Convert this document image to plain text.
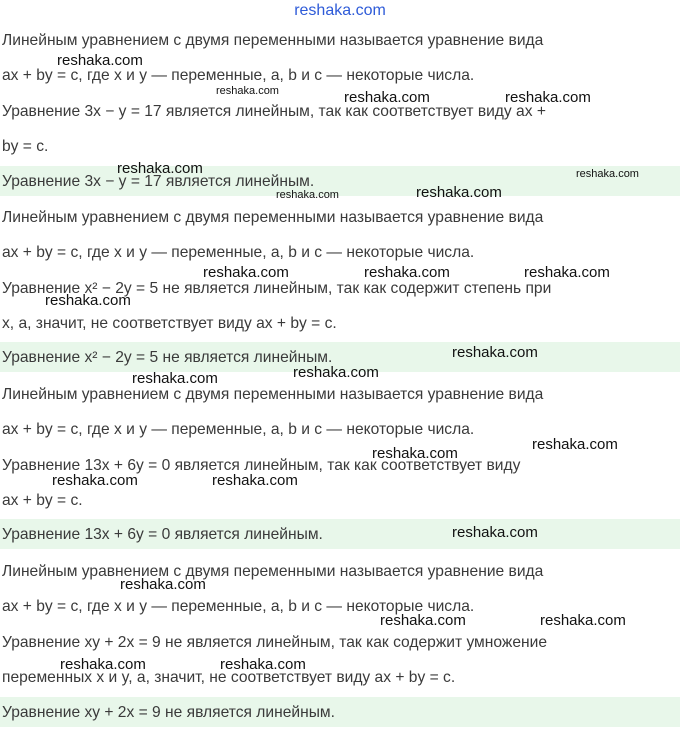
reshaka.com
Линейным уравнением с двумя переменными называется уравнение вида
ax + by = c, где x и y — переменные, a, b и c — некоторые числа.
Уравнение 3x − y = 17 является линейным, так как соответствует виду ax +
by = c.
Уравнение 3x − y = 17 является линейным.
Линейным уравнением с двумя переменными называется уравнение вида
ax + by = c, где x и y — переменные, a, b и c — некоторые числа.
Уравнение x² − 2y = 5 не является линейным, так как содержит степень при
x, а, значит, не соответствует виду ax + by = c.
Уравнение x² − 2y = 5 не является линейным.
Линейным уравнением с двумя переменными называется уравнение вида
ax + by = c, где x и y — переменные, a, b и c — некоторые числа.
Уравнение 13x + 6y = 0 является линейным, так как соответствует виду
ax + by = c.
Уравнение 13x + 6y = 0 является линейным.
Линейным уравнением с двумя переменными называется уравнение вида
ax + by = c, где x и y — переменные, a, b и c — некоторые числа.
Уравнение xy + 2x = 9 не является линейным, так как содержит умножение
переменных x и y, а, значит, не соответствует виду ax + by = c.
Уравнение xy + 2x = 9 не является линейным.
reshaka.com
reshaka.com	reshaka.com	reshaka.com
reshaka.com	reshaka.com
reshaka.com	reshaka.com
reshaka.com	reshaka.com	reshaka.com
reshaka.com
reshaka.com
reshaka.com	reshaka.com
reshaka.com
reshaka.com
reshaka.com	reshaka.com
reshaka.com
reshaka.com
reshaka.com	reshaka.com
reshaka.com	reshaka.com
